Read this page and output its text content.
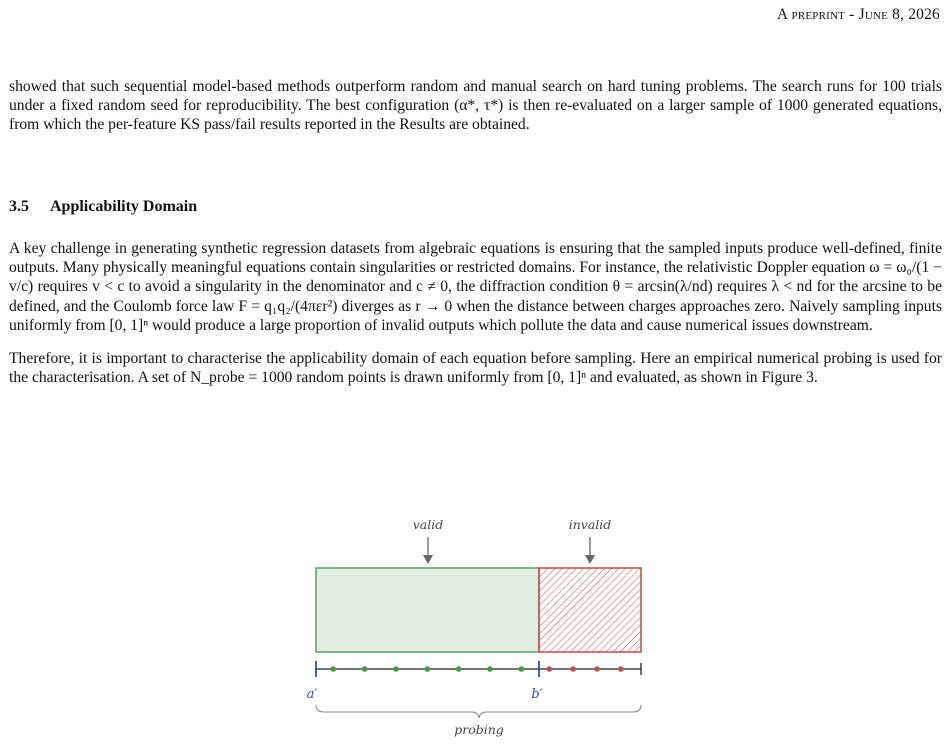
A preprint - June 8, 2026
showed that such sequential model-based methods outperform random and manual search on hard tuning problems. The search runs for 100 trials under a fixed random seed for reproducibility. The best configuration (α*, τ*) is then re-evaluated on a larger sample of 1000 generated equations, from which the per-feature KS pass/fail results reported in the Results are obtained.
3.5 Applicability Domain
A key challenge in generating synthetic regression datasets from algebraic equations is ensuring that the sampled inputs produce well-defined, finite outputs. Many physically meaningful equations contain singularities or restricted domains. For instance, the relativistic Doppler equation ω = ω₀/(1 − v/c) requires v < c to avoid a singularity in the denominator and c ≠ 0, the diffraction condition θ = arcsin(λ/nd) requires λ < nd for the arcsine to be defined, and the Coulomb force law F = q₁q₂/(4πεr²) diverges as r → 0 when the distance between charges approaches zero. Naively sampling inputs uniformly from [0, 1]ⁿ would produce a large proportion of invalid outputs which pollute the data and cause numerical issues downstream.
Therefore, it is important to characterise the applicability domain of each equation before sampling. Here an empirical numerical probing is used for the characterisation. A set of N_probe = 1000 random points is drawn uniformly from [0, 1]ⁿ and evaluated, as shown in Figure 3.
valid	invalid
a′	b′
probing
